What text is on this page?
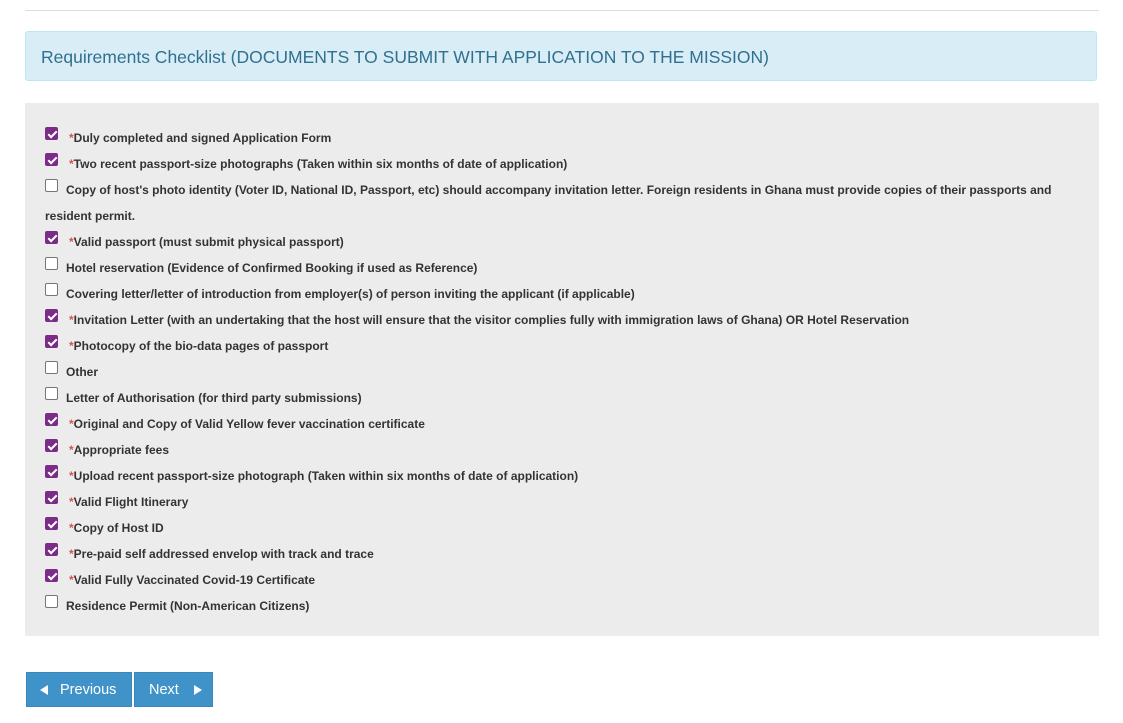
Requirements Checklist (DOCUMENTS TO SUBMIT WITH APPLICATION TO THE MISSION)
*Duly completed and signed Application Form
*Two recent passport-size photographs (Taken within six months of date of application)
Copy of host's photo identity (Voter ID, National ID, Passport, etc) should accompany invitation letter. Foreign residents in Ghana must provide copies of their passports and resident permit.
*Valid passport (must submit physical passport)
Hotel reservation (Evidence of Confirmed Booking if used as Reference)
Covering letter/letter of introduction from employer(s) of person inviting the applicant (if applicable)
*Invitation Letter (with an undertaking that the host will ensure that the visitor complies fully with immigration laws of Ghana) OR Hotel Reservation
*Photocopy of the bio-data pages of passport
Other
Letter of Authorisation (for third party submissions)
*Original and Copy of Valid Yellow fever vaccination certificate
*Appropriate fees
*Upload recent passport-size photograph (Taken within six months of date of application)
*Valid Flight Itinerary
*Copy of Host ID
*Pre-paid self addressed envelop with track and trace
*Valid Fully Vaccinated Covid-19 Certificate
Residence Permit (Non-American Citizens)
Previous Next
